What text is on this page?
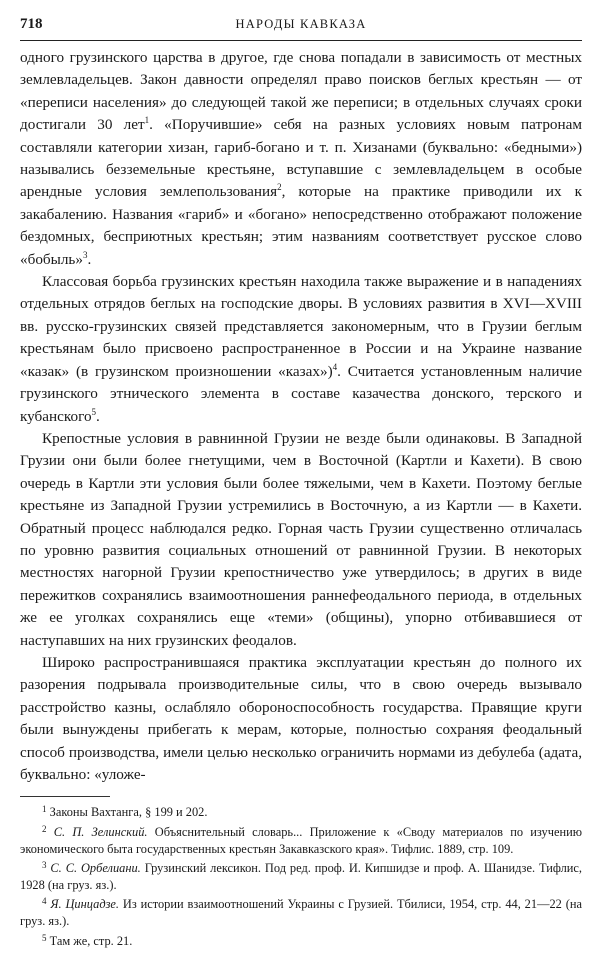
718	НАРОДЫ КАВКАЗА

одного грузинского царства в другое, где снова попадали в зависимость от местных землевладельцев. Закон давности определял право поисков беглых крестьян — от «переписи населения» до следующей такой же переписи; в отдельных случаях сроки достигали 30 лет$^1$. «Поручившие» себя на разных условиях новым патронам составляли категории хизан, гариб-богано и т. п. Хизанами (буквально: «бедными») назывались безземельные крестьяне, вступавшие с землевладельцем в особые арендные условия землепользования$^2$, которые на практике приводили их к закабалению. Названия «гариб» и «богано» непосредственно отображают положение бездомных, бесприютных крестьян; этим названиям соответствует русское слово «бобыль»$^3$.

Классовая борьба грузинских крестьян находила также выражение и в нападениях отдельных отрядов беглых на господские дворы. В условиях развития в XVI—XVIII вв. русско-грузинских связей представляется закономерным, что в Грузии беглым крестьянам было присвоено распространенное в России и на Украине название «казак» (в грузинском произношении «казах»)$^4$. Считается установленным наличие грузинского этнического элемента в составе казачества донского, терского и кубанского$^5$.

Крепостные условия в равнинной Грузии не везде были одинаковы. В Западной Грузии они были более гнетущими, чем в Восточной (Картли и Кахети). В свою очередь в Картли эти условия были более тяжелыми, чем в Кахети. Поэтому беглые крестьяне из Западной Грузии устремились в Восточную, а из Картли — в Кахети. Обратный процесс наблюдался редко. Горная часть Грузии существенно отличалась по уровню развития социальных отношений от равнинной Грузии. В некоторых местностях нагорной Грузии крепостничество уже утвердилось; в других в виде пережитков сохранялись взаимоотношения раннефеодального периода, в отдельных же ее уголках сохранялись еще «теми» (общины), упорно отбивавшиеся от наступавших на них грузинских феодалов.

Широко распространившаяся практика эксплуатации крестьян до полного их разорения подрывала производительные силы, что в свою очередь вызывало расстройство казны, ослабляло обороноспособность государства. Правящие круги были вынуждены прибегать к мерам, которые, полностью сохраняя феодальный способ производства, имели целью несколько ограничить нормами из дебулеба (адата, буквально: «уложе-

$^1$ Законы Вахтанга, § 199 и 202.

$^2$ С. П. Зелинский. Объяснительный словарь... Приложение к «Своду материалов по изучению экономического быта государственных крестьян Закавказского края». Тифлис. 1889, стр. 109.

$^3$ С. С. Орбелиани. Грузинский лексикон. Под ред. проф. И. Кипшидзе и проф. А. Шанидзе. Тифлис, 1928 (на груз. яз.).

$^4$ Я. Цинцадзе. Из истории взаимоотношений Украины с Грузией. Тбилиси, 1954, стр. 44, 21—22 (на груз. яз.).

$^5$ Там же, стр. 21.
